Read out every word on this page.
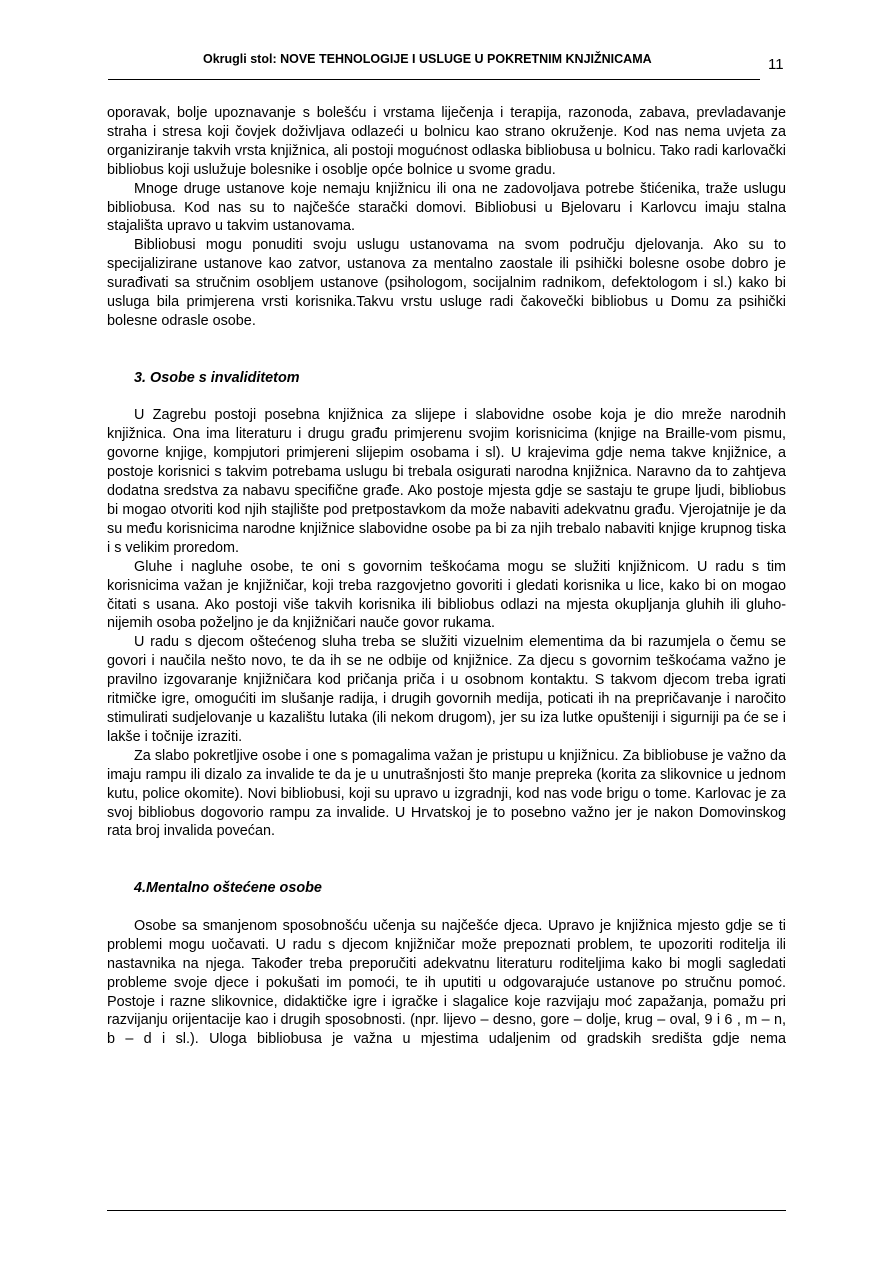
Okrugli stol: NOVE TEHNOLOGIJE I USLUGE U POKRETNIM KNJIŽNICAMA	11

oporavak, bolje upoznavanje s bolešću i vrstama liječenja i terapija, razonoda, zabava, prevladavanje straha i stresa koji čovjek doživljava odlazeći u bolnicu kao strano okruženje. Kod nas nema uvjeta za organiziranje takvih vrsta knjižnica, ali postoji mogućnost odlaska bibliobusa u bolnicu. Tako radi karlovački bibliobus koji uslužuje bolesnike i osoblje opće bolnice u svome gradu.

Mnoge druge ustanove koje nemaju knjižnicu ili ona ne zadovoljava potrebe štićenika, traže uslugu bibliobusa. Kod nas su to najčešće starački domovi. Bibliobusi u Bjelovaru i Karlovcu imaju stalna stajališta upravo u takvim ustanovama.

Bibliobusi mogu ponuditi svoju uslugu ustanovama na svom području djelovanja. Ako su to specijalizirane ustanove kao zatvor, ustanova za mentalno zaostale ili psihički bolesne osobe dobro je surađivati sa stručnim osobljem ustanove (psihologom, socijalnim radnikom, defektologom i sl.) kako bi usluga bila primjerena vrsti korisnika.Takvu vrstu usluge radi čakovečki bibliobus u Domu za psihički bolesne odrasle osobe.

3. Osobe s invaliditetom

U Zagrebu postoji posebna knjižnica za slijepe i slabovidne osobe koja je dio mreže narodnih knjižnica. Ona ima literaturu i drugu građu primjerenu svojim korisnicima (knjige na Braille-vom pismu, govorne knjige, kompjutori primjereni slijepim osobama i sl). U krajevima gdje nema takve knjižnice, a postoje korisnici s takvim potrebama uslugu bi trebala osigurati narodna knjižnica. Naravno da to zahtjeva dodatna sredstva za nabavu specifične građe. Ako postoje mjesta gdje se sastaju te grupe ljudi, bibliobus bi mogao otvoriti kod njih stajlište pod pretpostavkom da može nabaviti adekvatnu građu. Vjerojatnije je da su među korisnicima narodne knjižnice slabovidne osobe pa bi za njih trebalo nabaviti knjige krupnog tiska i s velikim proredom.

Gluhe i nagluhe osobe, te oni s govornim teškoćama mogu se služiti knjižnicom. U radu s tim korisnicima važan je knjižničar, koji treba razgovjetno govoriti i gledati korisnika u lice, kako bi on mogao čitati s usana. Ako postoji više takvih korisnika ili bibliobus odlazi na mjesta okupljanja gluhih ili gluho-nijemih osoba poželjno je da knjižničari nauče govor rukama.

U radu s djecom oštećenog sluha treba se služiti vizuelnim elementima da bi razumjela o čemu se govori i naučila nešto novo, te da ih se ne odbije od knjižnice. Za djecu s govornim teškoćama važno je pravilno izgovaranje knjižničara kod pričanja priča i u osobnom kontaktu. S takvom djecom treba igrati ritmičke igre, omogućiti im slušanje radija, i drugih govornih medija, poticati ih na prepričavanje i naročito stimulirati sudjelovanje u kazalištu lutaka (ili nekom drugom), jer su iza lutke opušteniji i sigurniji pa će se i lakše i točnije izraziti.

Za slabo pokretljive osobe i one s pomagalima važan je pristupu u knjižnicu. Za bibliobuse je važno da imaju rampu ili dizalo za invalide te da je u unutrašnjosti što manje prepreka (korita za slikovnice u jednom kutu, police okomite). Novi bibliobusi, koji su upravo u izgradnji, kod nas vode brigu o tome. Karlovac je za svoj bibliobus dogovorio rampu za invalide. U Hrvatskoj je to posebno važno jer je nakon Domovinskog rata broj invalida povećan.

4.Mentalno oštećene osobe

Osobe sa smanjenom sposobnošću učenja su najčešće djeca. Upravo je knjižnica mjesto gdje se ti problemi mogu uočavati. U radu s djecom knjižničar može prepoznati problem, te upozoriti roditelja ili nastavnika na njega. Također treba preporučiti adekvatnu literaturu roditeljima kako bi mogli sagledati probleme svoje djece i pokušati im pomoći, te ih uputiti u odgovarajuće ustanove po stručnu pomoć. Postoje i razne slikovnice, didaktičke igre i igračke i slagalice koje razvijaju moć zapažanja, pomažu pri razvijanju orijentacije kao i drugih sposobnosti. (npr. lijevo – desno, gore – dolje, krug – oval, 9 i 6 , m – n, b – d i sl.). Uloga bibliobusa je važna u mjestima udaljenim od gradskih središta gdje nema
